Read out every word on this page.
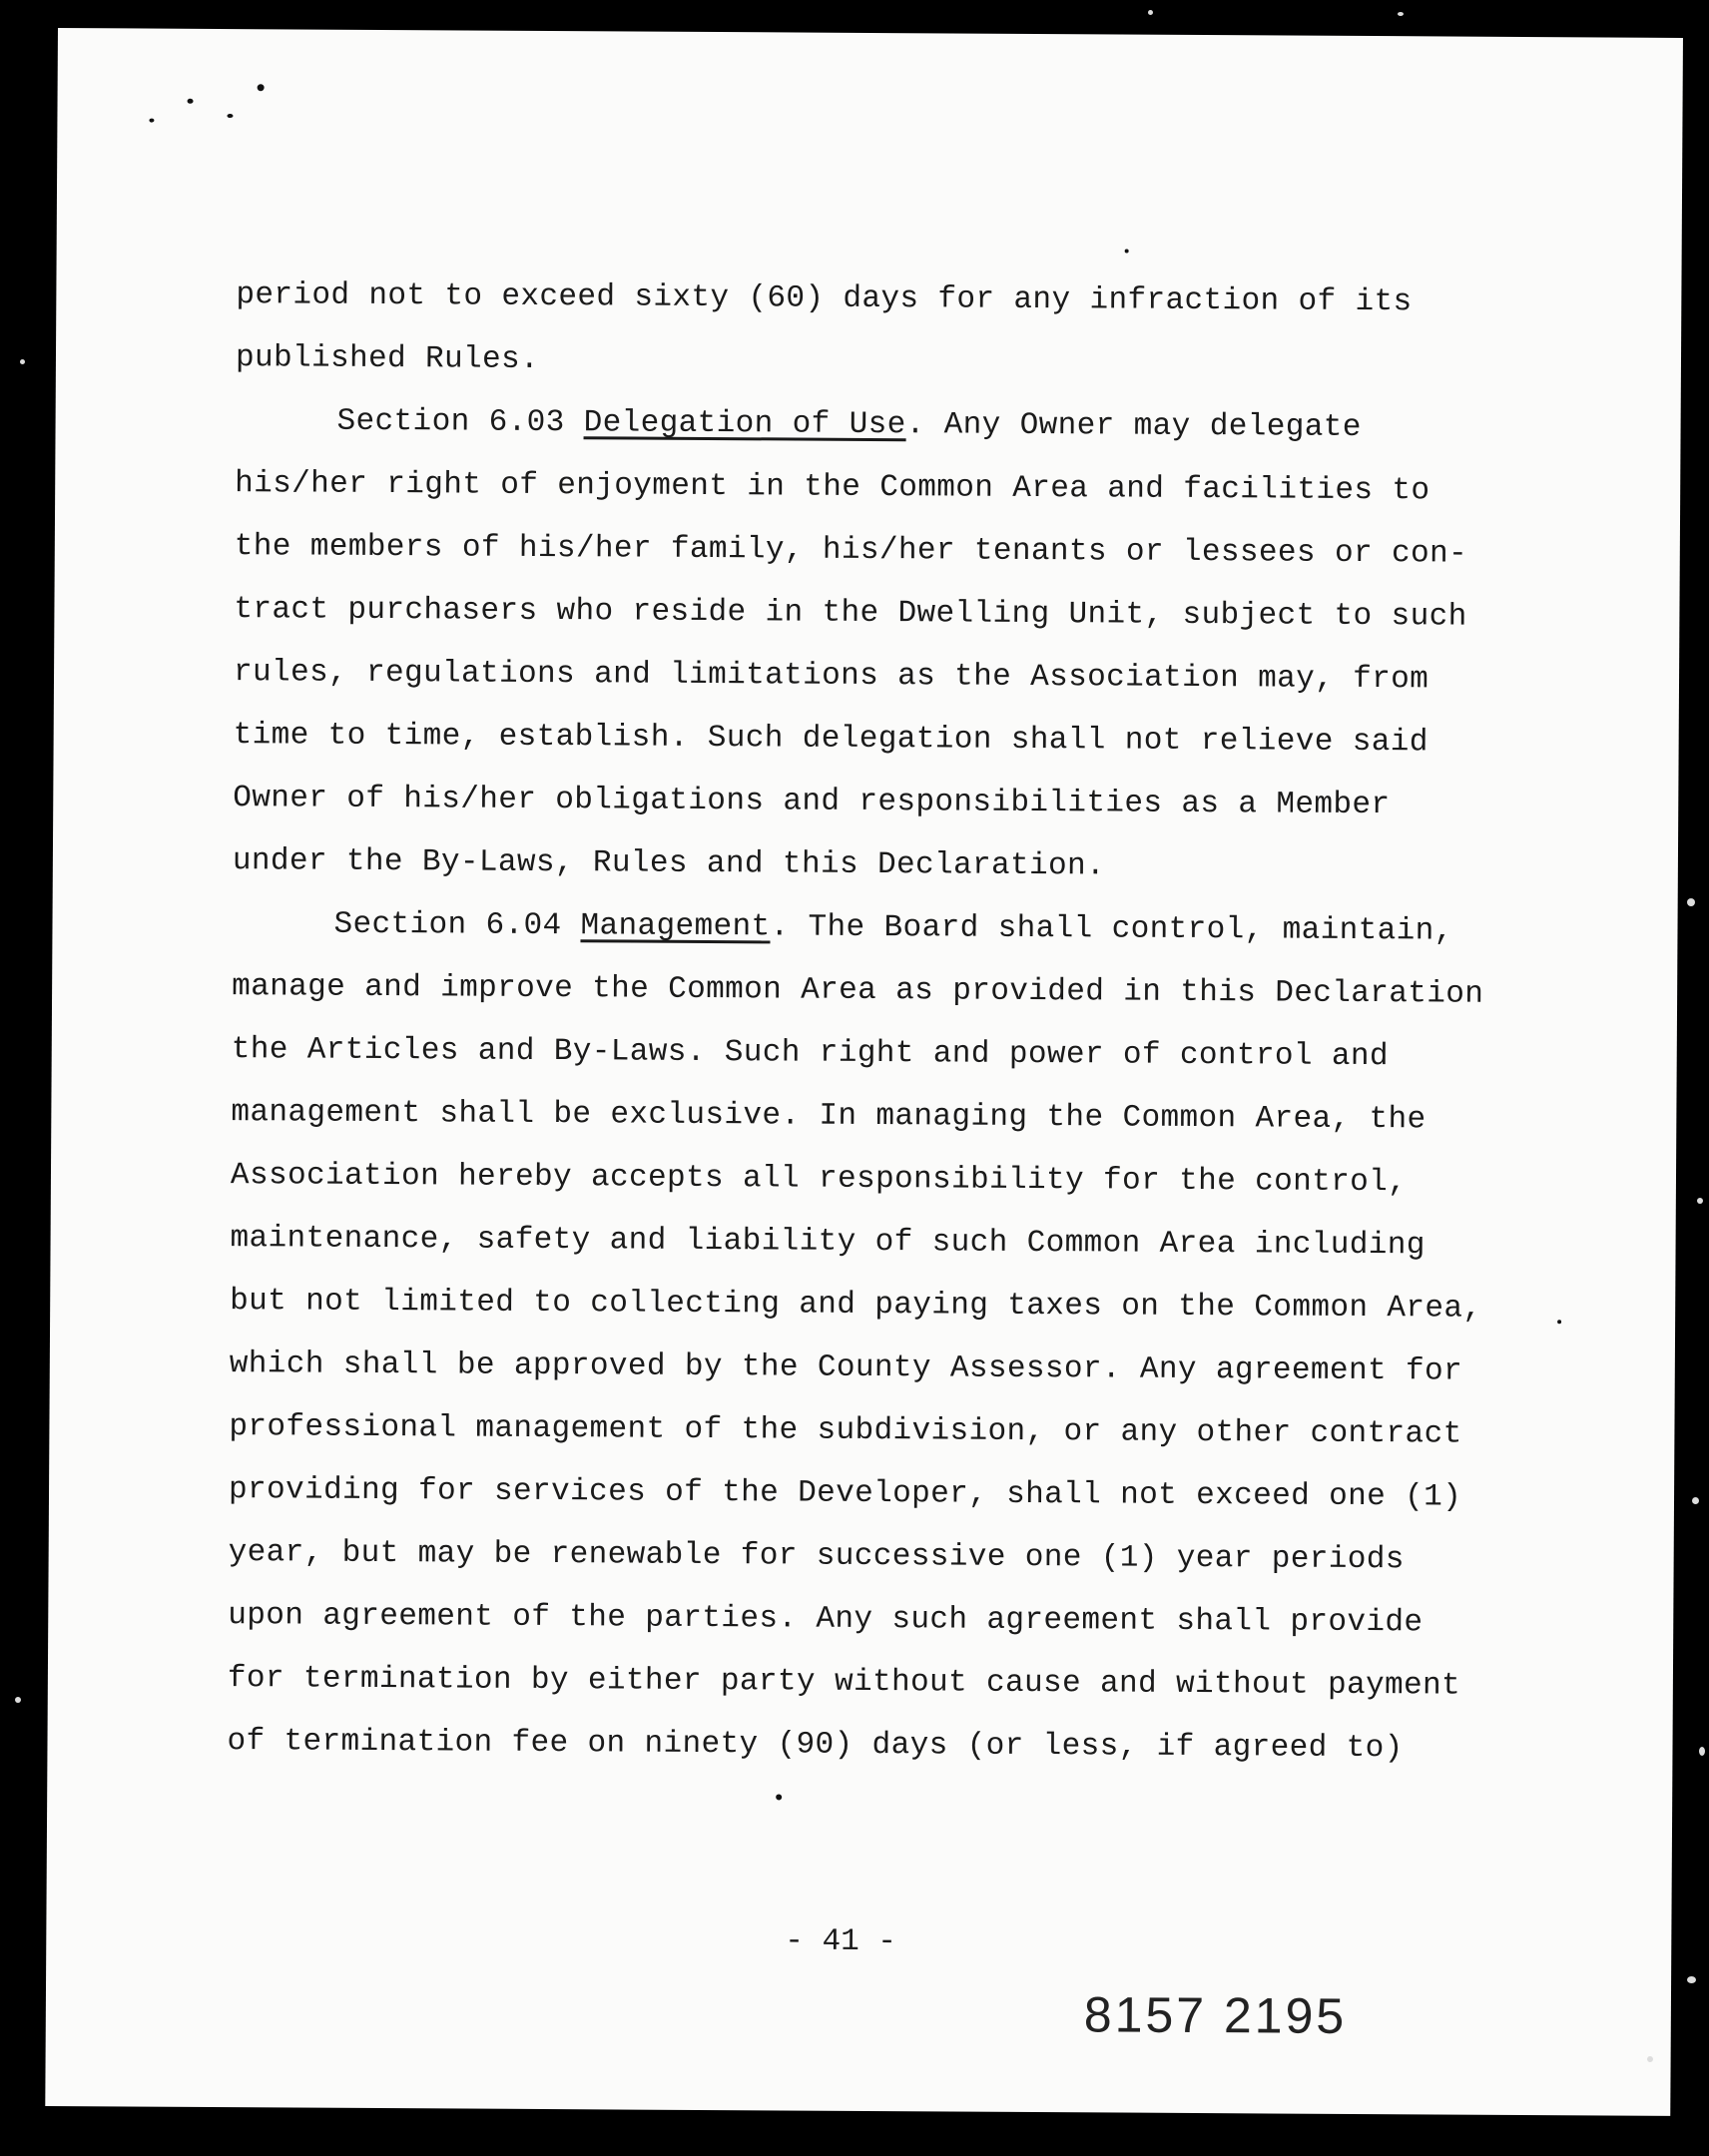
period not to exceed sixty (60) days for any infraction of its
published Rules.
Section 6.03 Delegation of Use. Any Owner may delegate
his/her right of enjoyment in the Common Area and facilities to
the members of his/her family, his/her tenants or lessees or con-
tract purchasers who reside in the Dwelling Unit, subject to such
rules, regulations and limitations as the Association may, from
time to time, establish. Such delegation shall not relieve said
Owner of his/her obligations and responsibilities as a Member
under the By-Laws, Rules and this Declaration.
Section 6.04 Management. The Board shall control, maintain,
manage and improve the Common Area as provided in this Declaration
the Articles and By-Laws. Such right and power of control and
management shall be exclusive. In managing the Common Area, the
Association hereby accepts all responsibility for the control,
maintenance, safety and liability of such Common Area including
but not limited to collecting and paying taxes on the Common Area,
which shall be approved by the County Assessor. Any agreement for
professional management of the subdivision, or any other contract
providing for services of the Developer, shall not exceed one (1)
year, but may be renewable for successive one (1) year periods
upon agreement of the parties. Any such agreement shall provide
for termination by either party without cause and without payment
of termination fee on ninety (90) days (or less, if agreed to)
- 41 -
8157 2195
